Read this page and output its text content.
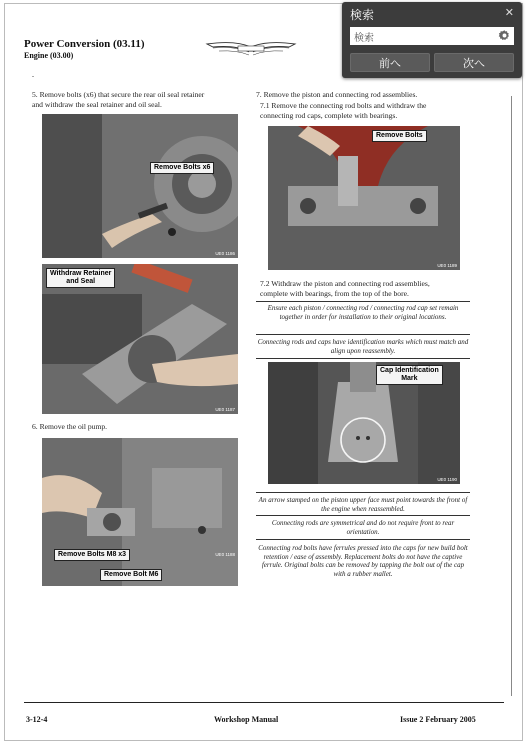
Power Conversion (03.11)
Engine (03.00)
.
5. Remove bolts (x6) that secure the rear oil seal retainer
and withdraw the seal retainer and oil seal.
Remove Bolts x6
UE0 1186
Withdraw Retainer
and Seal
UE0 1187
6. Remove the oil pump.
Remove Bolts M8 x3
Remove Bolt M6
UE0 1188
7. Remove the piston and connecting rod assemblies.
7.1 Remove the connecting rod bolts and withdraw the
connecting rod caps, complete with bearings.
Remove Bolts
UE0 1189
7.2 Withdraw the piston and connecting rod assemblies,
complete with bearings, from the top of the bore.
Ensure each piston / connecting rod / connecting rod cap set remain together in order for installation to their original locations.
Connecting rods and caps have identification marks which must match and align upon reassembly.
Cap Identification
Mark
UE0 1190
An arrow stamped on the piston upper face must point towards the front of the engine when reassembled.
Connecting rods are symmetrical and do not require front to rear orientation.
Connecting rod bolts have ferrules pressed into the caps for new build bolt retention / ease of assembly. Replacement bolts do not have the captive ferrule. Original bolts can be removed by tapping the bolt out of the cap with a rubber mallet.
3-12-4	Workshop Manual	Issue 2 February 2005
検索	✕
検索
前へ	次へ
